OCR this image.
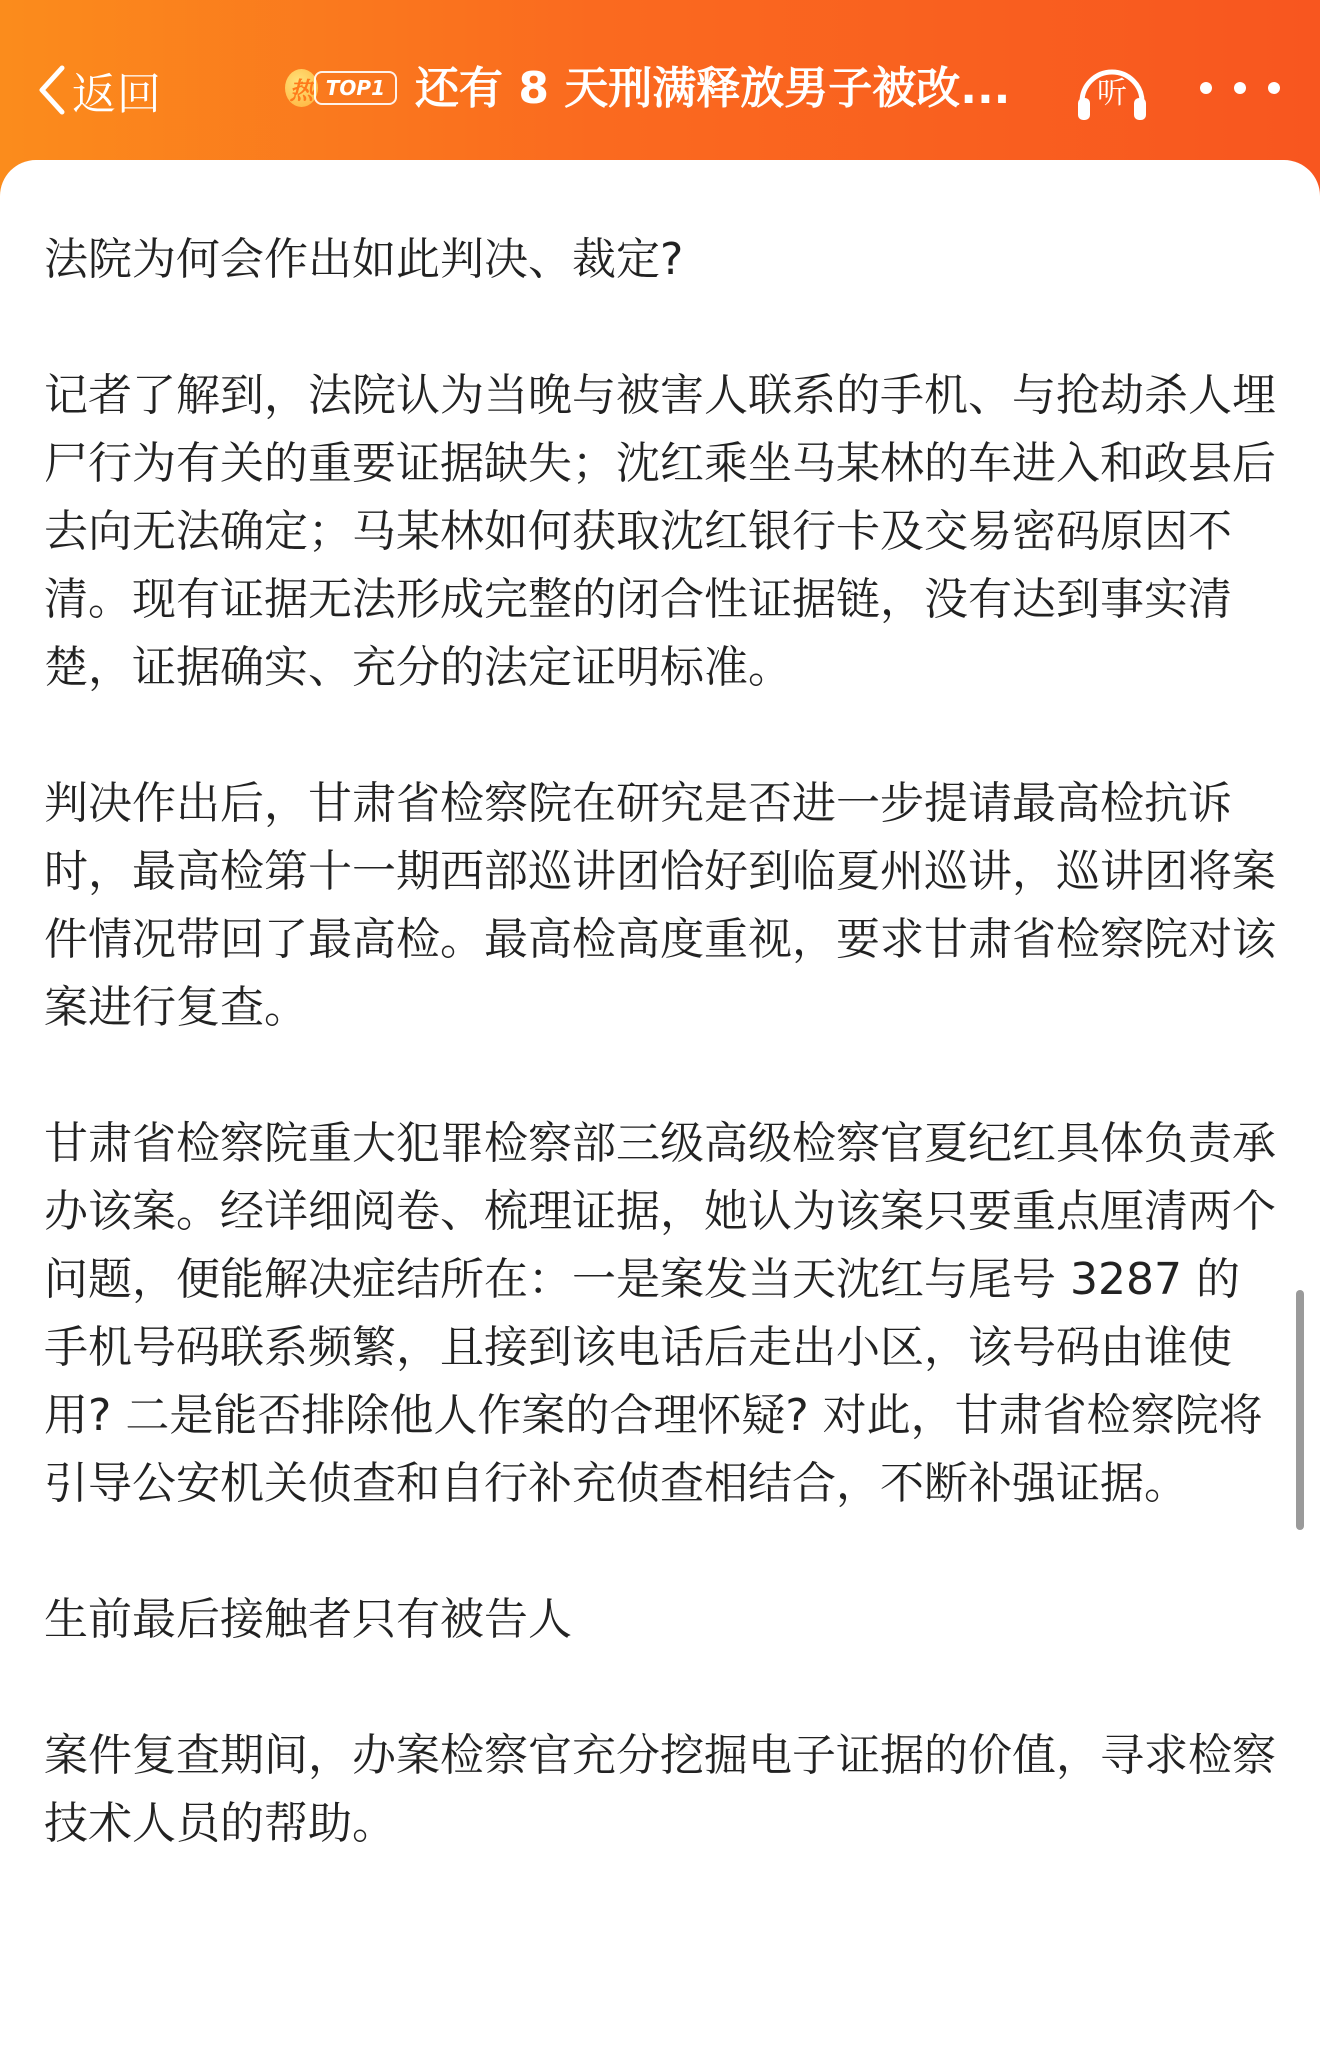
返回	热 TOP1 还有 8 天刑满释放男子被改...	听

法院为何会作出如此判决、裁定?

记者了解到，法院认为当晚与被害人联系的手机、与抢劫杀人埋尸行为有关的重要证据缺失；沈红乘坐马某林的车进入和政县后去向无法确定；马某林如何获取沈红银行卡及交易密码原因不清。现有证据无法形成完整的闭合性证据链，没有达到事实清楚，证据确实、充分的法定证明标准。

判决作出后，甘肃省检察院在研究是否进一步提请最高检抗诉时，最高检第十一期西部巡讲团恰好到临夏州巡讲，巡讲团将案件情况带回了最高检。最高检高度重视，要求甘肃省检察院对该案进行复查。

甘肃省检察院重大犯罪检察部三级高级检察官夏纪红具体负责承办该案。经详细阅卷、梳理证据，她认为该案只要重点厘清两个问题，便能解决症结所在：一是案发当天沈红与尾号 3287 的手机号码联系频繁，且接到该电话后走出小区，该号码由谁使用? 二是能否排除他人作案的合理怀疑? 对此，甘肃省检察院将引导公安机关侦查和自行补充侦查相结合，不断补强证据。

生前最后接触者只有被告人

案件复查期间，办案检察官充分挖掘电子证据的价值，寻求检察技术人员的帮助。
